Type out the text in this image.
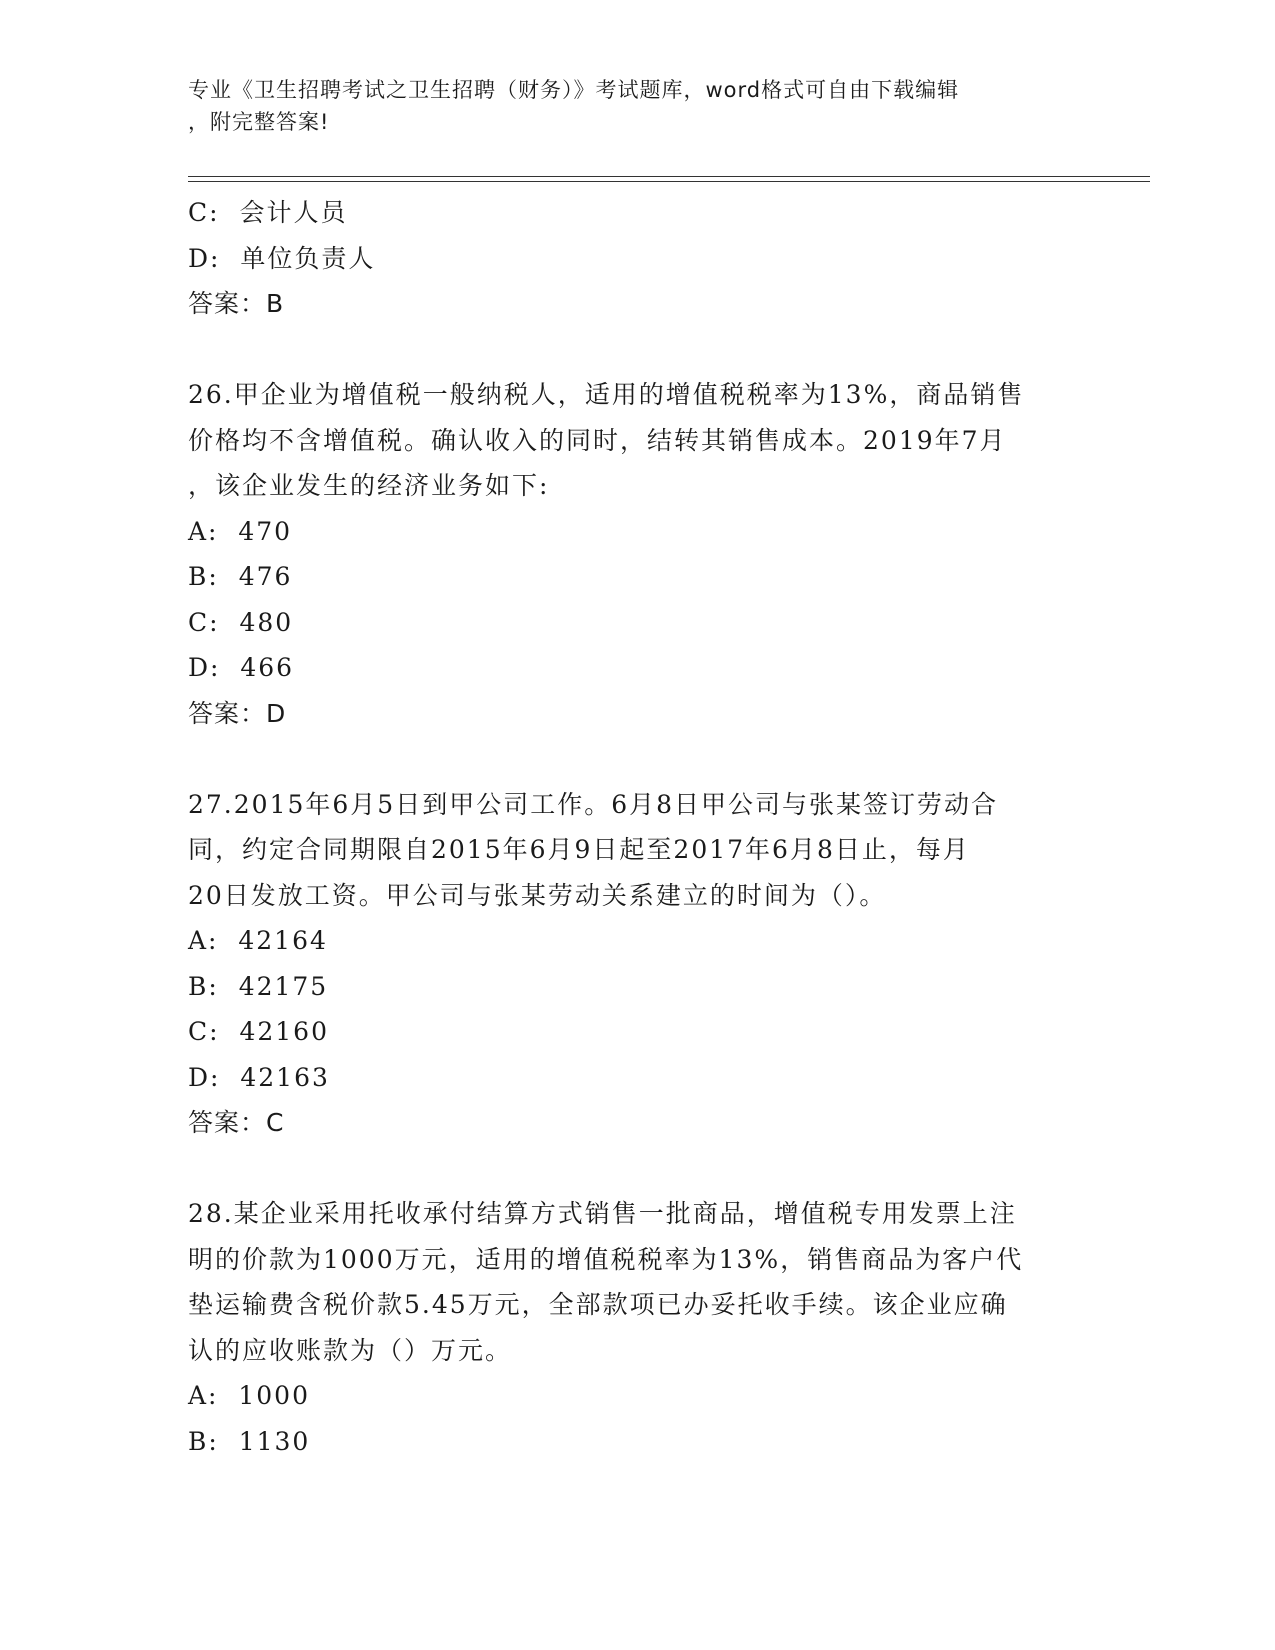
专业《卫生招聘考试之卫生招聘（财务）》考试题库，word格式可自由下载编辑
，附完整答案!
C:  会计人员
D:  单位负责人
答案：B
26.甲企业为增值税一般纳税人，适用的增值税税率为13%，商品销售
价格均不含增值税。确认收入的同时，结转其销售成本。2019年7月
，该企业发生的经济业务如下:
A:  470
B:  476
C:  480
D:  466
答案：D
27.2015年6月5日到甲公司工作。6月8日甲公司与张某签订劳动合
同，约定合同期限自2015年6月9日起至2017年6月8日止，每月
20日发放工资。甲公司与张某劳动关系建立的时间为（）。
A:  42164
B:  42175
C:  42160
D:  42163
答案：C
28.某企业采用托收承付结算方式销售一批商品，增值税专用发票上注
明的价款为1000万元，适用的增值税税率为13%，销售商品为客户代
垫运输费含税价款5.45万元，全部款项已办妥托收手续。该企业应确
认的应收账款为（）万元。
A:  1000
B:  1130
